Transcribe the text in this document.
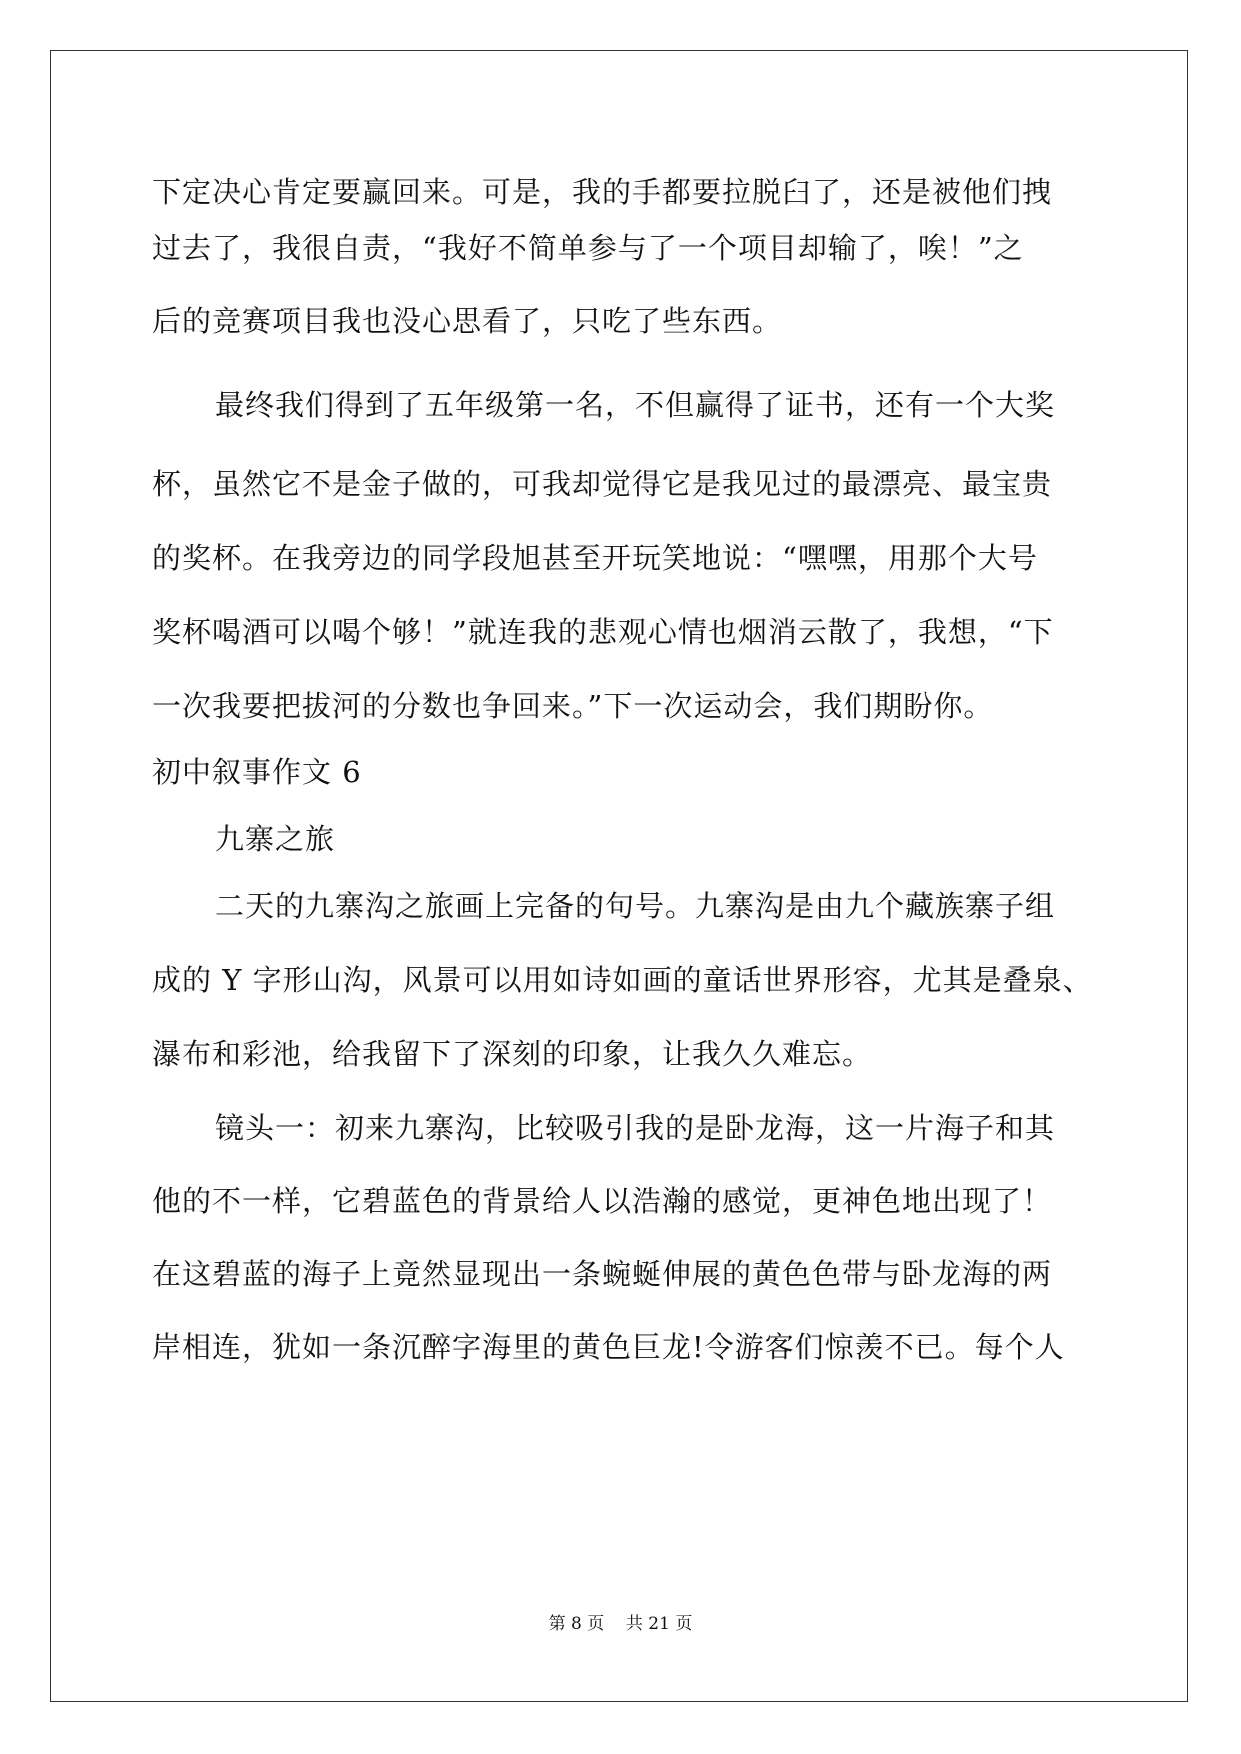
下定决心肯定要赢回来。可是，我的手都要拉脱臼了，还是被他们拽
过去了，我很自责，“我好不简单参与了一个项目却输了，唉！”之
后的竞赛项目我也没心思看了，只吃了些东西。
最终我们得到了五年级第一名，不但赢得了证书，还有一个大奖
杯，虽然它不是金子做的，可我却觉得它是我见过的最漂亮、最宝贵
的奖杯。在我旁边的同学段旭甚至开玩笑地说：“嘿嘿，用那个大号
奖杯喝酒可以喝个够！”就连我的悲观心情也烟消云散了，我想，“下
一次我要把拔河的分数也争回来。”下一次运动会，我们期盼你。
初中叙事作文 6
九寨之旅
二天的九寨沟之旅画上完备的句号。九寨沟是由九个藏族寨子组
成的 Y 字形山沟，风景可以用如诗如画的童话世界形容，尤其是叠泉、
瀑布和彩池，给我留下了深刻的印象，让我久久难忘。
镜头一：初来九寨沟，比较吸引我的是卧龙海，这一片海子和其
他的不一样，它碧蓝色的背景给人以浩瀚的感觉，更神色地出现了！
在这碧蓝的海子上竟然显现出一条蜿蜒伸展的黄色色带与卧龙海的两
岸相连，犹如一条沉醉字海里的黄色巨龙!令游客们惊羡不已。每个人
第 8 页    共 21 页
